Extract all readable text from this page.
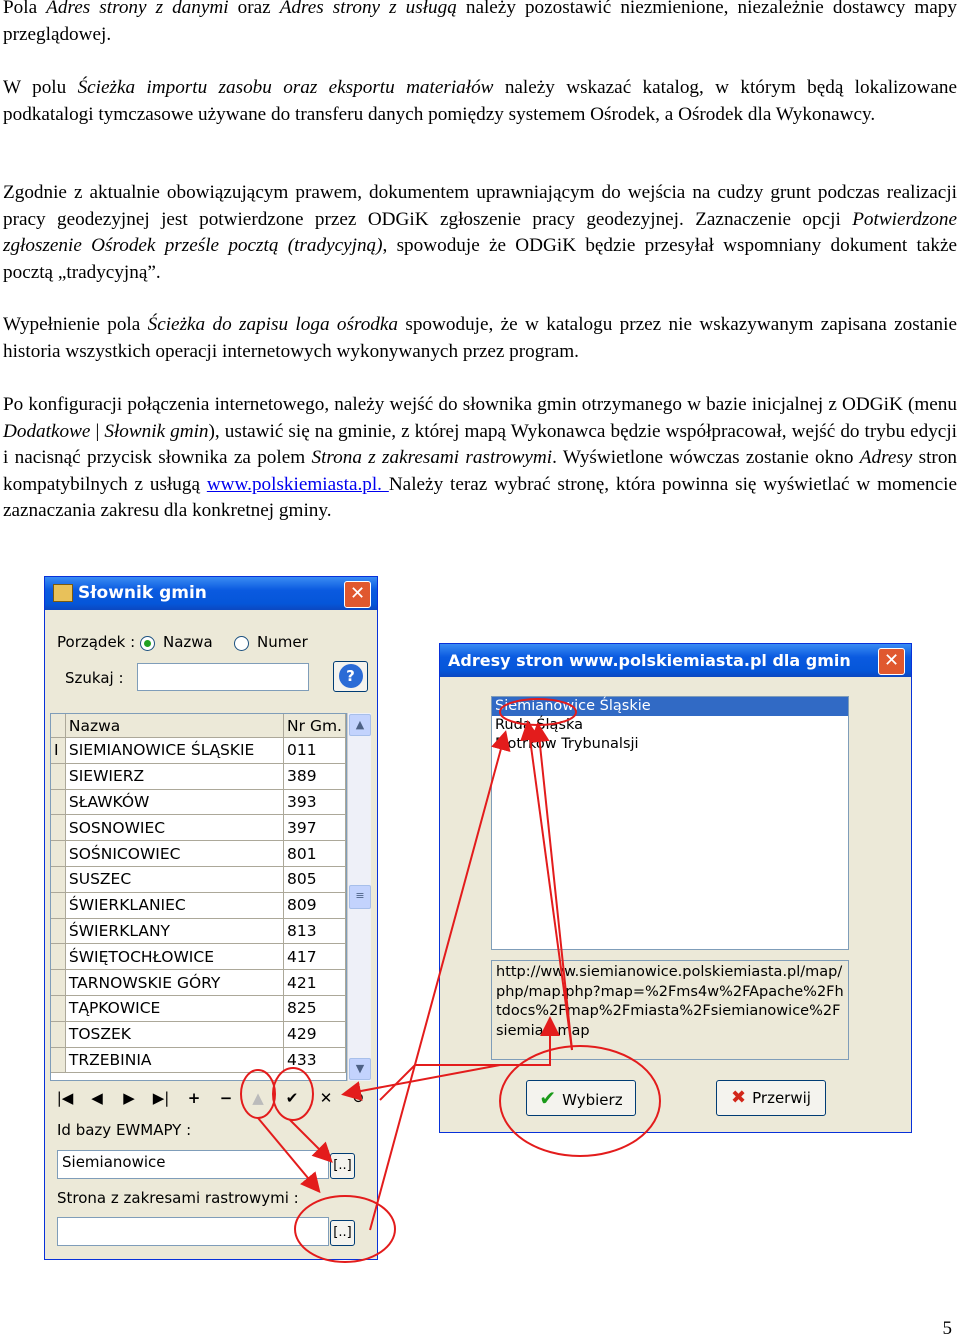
Pola Adres strony z danymi oraz Adres strony z usługą należy pozostawić niezmienione, niezależnie dostawcy mapy przeglądowej.
W polu Ścieżka importu zasobu oraz eksportu materiałów należy wskazać katalog, w którym będą lokalizowane podkatalogi tymczasowe używane do transferu danych pomiędzy systemem Ośrodek, a Ośrodek dla Wykonawcy.
Zgodnie z aktualnie obowiązującym prawem, dokumentem uprawniającym do wejścia na cudzy grunt podczas realizacji pracy geodezyjnej jest potwierdzone przez ODGiK zgłoszenie pracy geodezyjnej. Zaznaczenie opcji Potwierdzone zgłoszenie Ośrodek prześle pocztą (tradycyjną), spowoduje że ODGiK będzie przesyłał wspomniany dokument także pocztą „tradycyjną”.
Wypełnienie pola Ścieżka do zapisu loga ośrodka spowoduje, że w katalogu przez nie wskazywanym zapisana zostanie historia wszystkich operacji internetowych wykonywanych przez program.
Po konfiguracji połączenia internetowego, należy wejść do słownika gmin otrzymanego w bazie inicjalnej z ODGiK (menu Dodatkowe | Słownik gmin), ustawić się na gminie, z której mapą Wykonawca będzie współpracował, wejść do trybu edycji i nacisnąć przycisk słownika za polem Strona z zakresami rastrowymi. Wyświetlone wówczas zostanie okno Adresy stron kompatybilnych z usługą www.polskiemiasta.pl. Należy teraz wybrać stronę, która powinna się wyświetlać w momencie zaznaczania zakresu dla konkretnej gminy.
Słownik gmin	✕
Porządek : Nazwa	Numer
Szukaj :	?
	Nazwa	Nr Gm.
I	SIEMIANOWICE ŚLĄSKIE	011
	SIEWIERZ	389
	SŁAWKÓW	393
	SOSNOWIEC	397
	SOŚNICOWIEC	801
	SUSZEC	805
	ŚWIERKLANIEC	809
	ŚWIERKLANY	813
	ŚWIĘTOCHŁOWICE	417
	TARNOWSKIE GÓRY	421
	TĄPKOWICE	825
	TOSZEK	429
	TRZEBINIA	433
▲
≡
▼
|◀	◀	▶	▶|	+	−	▲	✔	✕	↻
Id bazy EWMAPY :
Siemianowice	[..]
Strona z zakresami rastrowymi :
[..]
Adresy stron www.polskiemiasta.pl dla gmin	✕
Siemianowice Śląskie
Ruda Śląska
Piotrków Trybunalsji
http://www.siemianowice.polskiemiasta.pl/map/php/map.php?map=%2Fms4w%2FApache%2Fhtdocs%2Fmap%2Fmiasta%2Fsiemianowice%2Fsiemian.map
✔ Wybierz	✖ Przerwij
5
